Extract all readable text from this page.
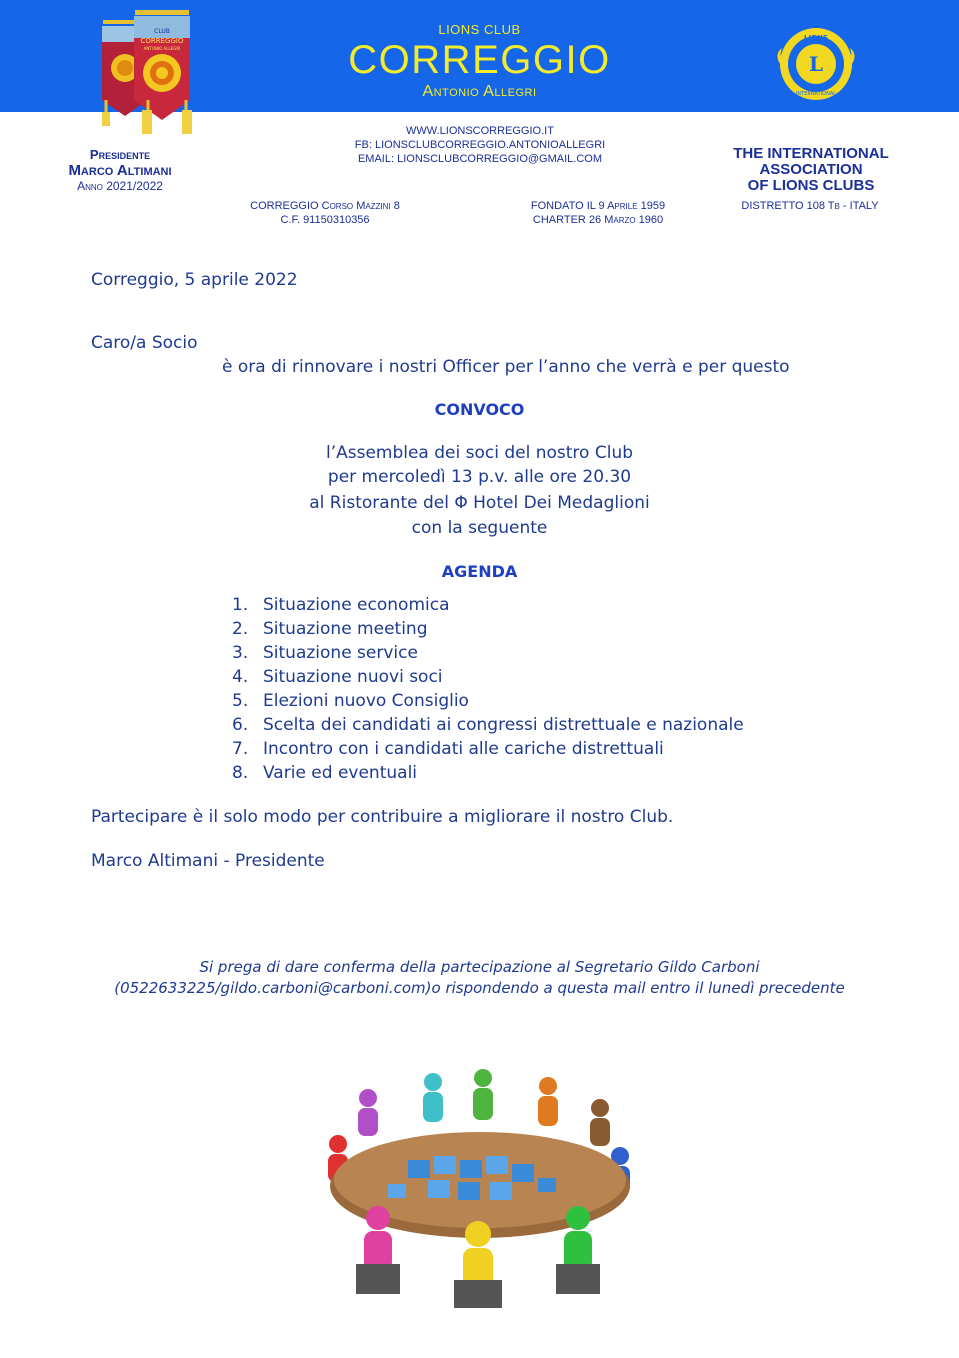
CLUB
CORREGGIO
ANTONIO ALLEGRI
LIONS CLUB
CORREGGIO
Antonio Allegri
L
LIONS
INTERNATIONAL
Presidente
Marco Altimani
Anno 2021/2022
WWW.LIONSCORREGGIO.IT
FB: LIONSCLUBCORREGGIO.ANTONIOALLEGRI
EMAIL: LIONSCLUBCORREGGIO@GMAIL.COM	THE INTERNATIONAL
ASSOCIATION
OF LIONS CLUBS
CORREGGIO Corso Mazzini 8
C.F. 91150310356
FONDATO IL 9 Aprile 1959
CHARTER 26 Marzo 1960
DISTRETTO 108 Tb - ITALY
Correggio, 5 aprile 2022
Caro/a Socio
è ora di rinnovare i nostri Officer per l’anno che verrà e per questo
CONVOCO
l’Assemblea dei soci del nostro Club
per mercoledì 13 p.v. alle ore 20.30
al Ristorante del Φ Hotel Dei Medaglioni
con la seguente
AGENDA
1. Situazione economica
2. Situazione meeting
3. Situazione service
4. Situazione nuovi soci
5. Elezioni nuovo Consiglio
6. Scelta dei candidati ai congressi distrettuale e nazionale
7. Incontro con i candidati alle cariche distrettuali
8. Varie ed eventuali
Partecipare è il solo modo per contribuire a migliorare il nostro Club.
Marco Altimani - Presidente
Si prega di dare conferma della partecipazione al Segretario Gildo Carboni
(0522633225/gildo.carboni@carboni.com)o rispondendo a questa mail entro il lunedì precedente
